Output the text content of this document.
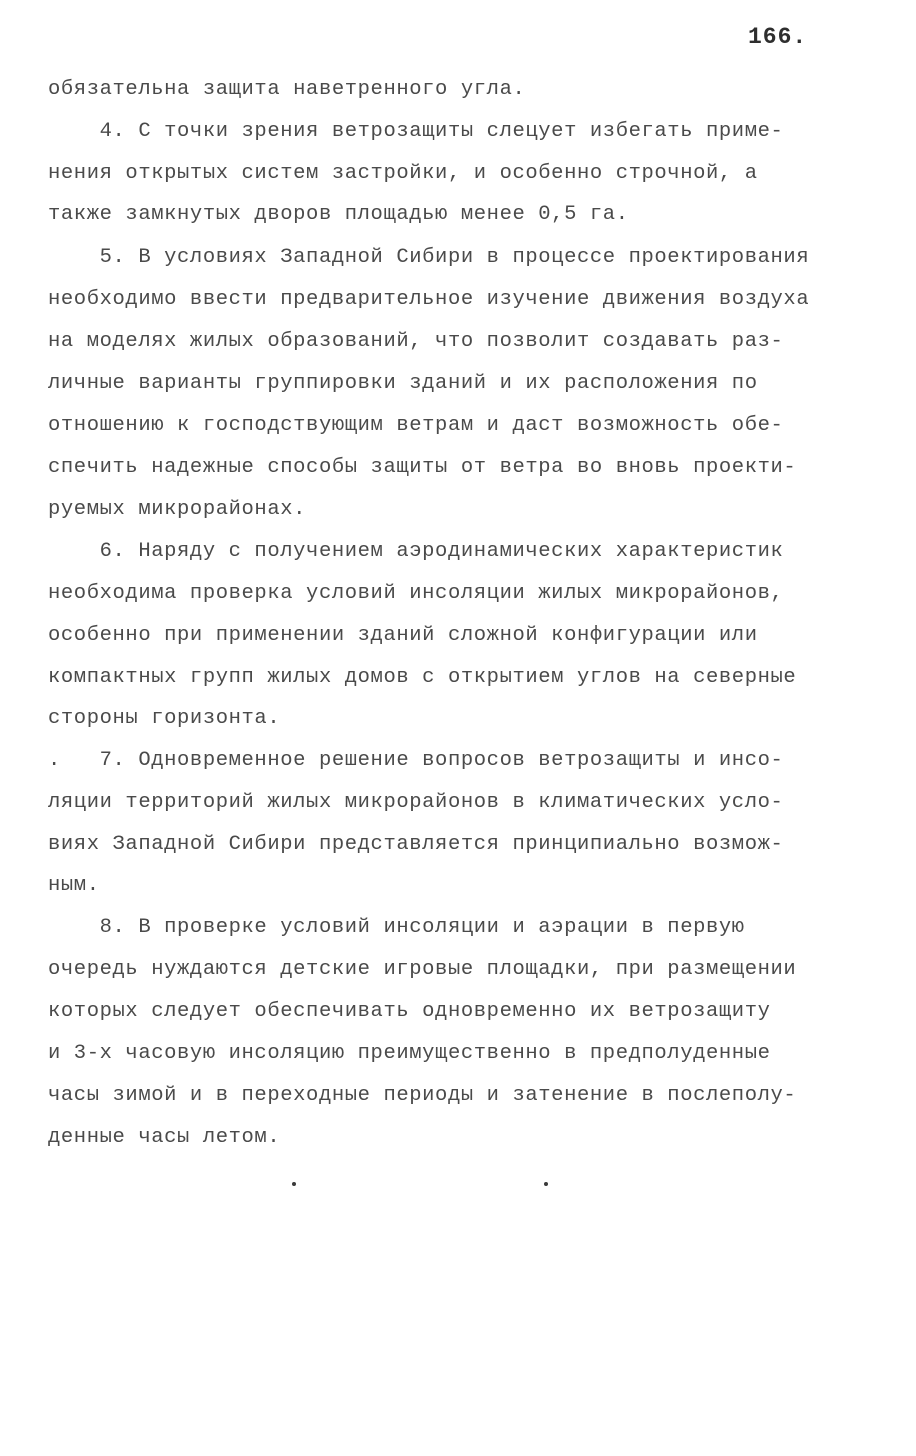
166.
обязательна защита наветренного угла.
4. С точки зрения ветрозащиты слецует избегать приме-
нения открытых систем застройки, и особенно строчной, а
также замкнутых дворов площадью менее 0,5 га.
5. В условиях Западной Сибири в процессе проектирования
необходимо ввести предварительное изучение движения воздуха
на моделях жилых образований, что позволит создавать раз-
личные варианты группировки зданий и их расположения по
отношению к господствующим ветрам и даст возможность обе-
спечить надежные способы защиты от ветра во вновь проекти-
руемых микрорайонах.
6. Наряду с получением аэродинамических характеристик
необходима проверка условий инсоляции жилых микрорайонов,
особенно при применении зданий сложной конфигурации или
компактных групп жилых домов с открытием углов на северные
стороны горизонта.
.   7. Одновременное решение вопросов ветрозащиты и инсо-
ляции территорий жилых микрорайонов в климатических усло-
виях Западной Сибири представляется принципиально возмож-
ным.
8. В проверке условий инсоляции и аэрации в первую
очередь нуждаются детские игровые площадки, при размещении
которых следует обеспечивать одновременно их ветрозащиту
и 3-х часовую инсоляцию преимущественно в предполуденные
часы зимой и в переходные периоды и затенение в послеполу-
денные часы летом.
